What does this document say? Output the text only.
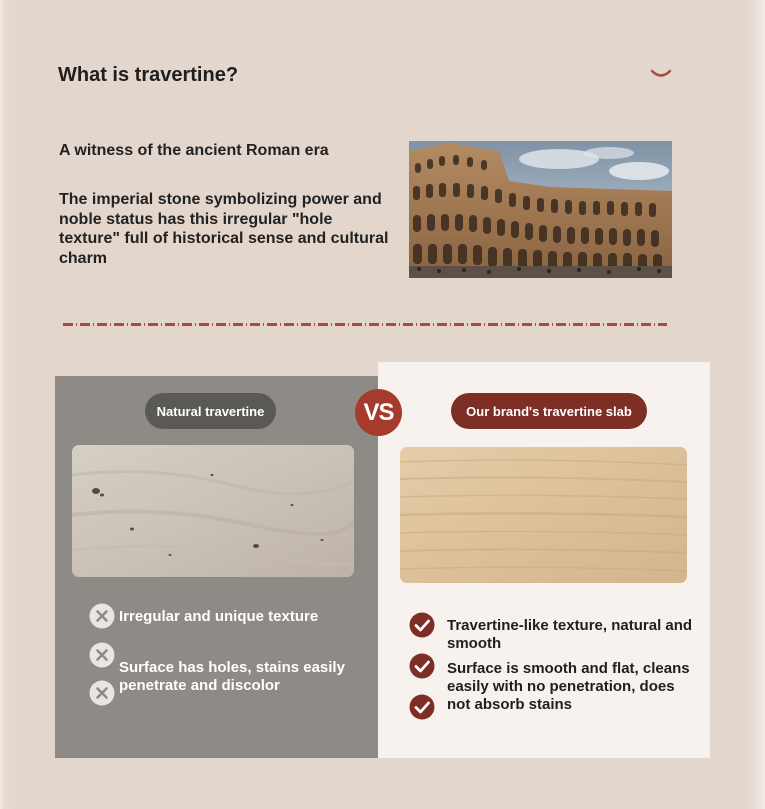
What is travertine?
A witness of the ancient Roman era
The imperial stone symbolizing power and noble status has this irregular "hole texture" full of historical sense and cultural charm
Natural travertine	Our brand's travertine slab
VS
Irregular and unique texture
Surface has holes, stains easily penetrate and discolor
Travertine-like texture, natural and smooth
Surface is smooth and flat, cleans easily with no penetration, does not absorb stains
